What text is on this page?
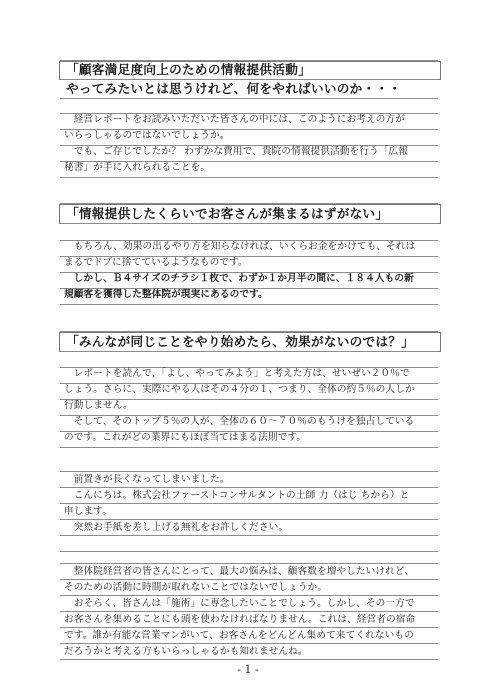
「顧客満足度向上のための情報提供活動」
やってみたいとは思うけれど、何をやればいいのか・・・
　経営レポートをお読みいただいた皆さんの中には、このようにお考えの方が
いらっしゃるのではないでしょうか。
　でも、ご存じでしたか？ わずかな費用で、貴院の情報提供活動を行う「広報
秘書」が手に入れられることを。
「情報提供したくらいでお客さんが集まるはずがない」
　もちろん、効果の出るやり方を知らなければ、いくらお金をかけても、それは
まるでドブに捨てているようなものです。
　しかし、Ｂ４サイズのチラシ１枚で、わずか１か月半の間に、１８４人もの新
規顧客を獲得した整体院が現実にあるのです。
「みんなが同じことをやり始めたら、効果がないのでは？」
　レポートを読んで、「よし、やってみよう」と考えた方は、せいぜい２０％で
しょう。さらに、実際にやる人はその４分の１、つまり、全体の約５％の人しか
行動しません。
　そして、そのトップ５％の人が、全体の６０～７０％のもうけを独占している
のです。これがどの業界にもほぼ当てはまる法則です。
　前置きが長くなってしまいました。
　こんにちは。株式会社ファーストコンサルタントの土師 力（はじ ちから）と
申します。
　突然お手紙を差し上げる無礼をお許しください。
　整体院経営者の皆さんにとって、最大の悩みは、顧客数を増やしたいけれど、
そのための活動に時間が取れないことではないでしょうか。
　おそらく、皆さんは「施術」に専念したいことでしょう。しかし、その一方で
お客さんを集めることにも頭を使わなければなりません。これは、経営者の宿命
です。誰か有能な営業マンがいて、お客さんをどんどん集めて来てくれないもの
だろうかと考える方もいらっしゃるかも知れませんね。
- 1 -
